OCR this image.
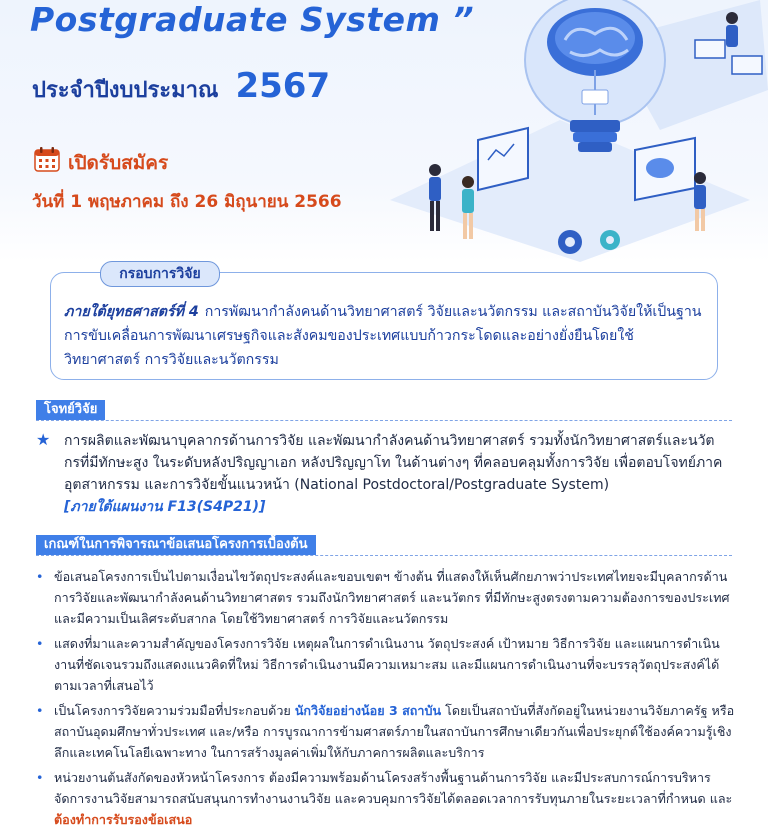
Postgraduate System ”
ประจำปีงบประมาณ 2567
เปิดรับสมัคร
วันที่ 1 พฤษภาคม ถึง 26 มิถุนายน 2566
กรอบการวิจัย
ภายใต้ยุทธศาสตร์ที่ 4 การพัฒนากำลังคนด้านวิทยาศาสตร์ วิจัยและนวัตกรรม และสถาบันวิจัยให้เป็นฐานการขับเคลื่อนการพัฒนาเศรษฐกิจและสังคมของประเทศแบบก้าวกระโดดและอย่างยั่งยืนโดยใช้วิทยาศาสตร์ การวิจัยและนวัตกรรม
โจทย์วิจัย
★ การผลิตและพัฒนาบุคลากรด้านการวิจัย และพัฒนากำลังคนด้านวิทยาศาสตร์ รวมทั้งนักวิทยาศาสตร์และนวัตกรที่มีทักษะสูง ในระดับหลังปริญญาเอก หลังปริญญาโท ในด้านต่างๆ ที่คลอบคลุมทั้งการวิจัย เพื่อตอบโจทย์ภาคอุตสาหกรรม และการวิจัยขั้นแนวหน้า (National Postdoctoral/Postgraduate System)
[ภายใต้แผนงาน F13(S4P21)]
เกณฑ์ในการพิจารณาข้อเสนอโครงการเบื้องต้น
• ข้อเสนอโครงการเป็นไปตามเงื่อนไขวัตถุประสงค์และขอบเขตฯ ข้างต้น ที่แสดงให้เห็นศักยภาพว่าประเทศไทยจะมีบุคลากรด้านการวิจัยและพัฒนากำลังคนด้านวิทยาศาสตร รวมถึงนักวิทยาศาสตร์ และนวัตกร ที่มีทักษะสูงตรงตามความต้องการของประเทศและมีความเป็นเลิศระดับสากล โดยใช้วิทยาศาสตร์ การวิจัยและนวัตกรรม
• แสดงที่มาและความสำคัญของโครงการวิจัย เหตุผลในการดำเนินงาน วัตถุประสงค์ เป้าหมาย วิธีการวิจัย และแผนการดำเนินงานที่ชัดเจนรวมถึงแสดงแนวคิดที่ใหม่ วิธีการดำเนินงานมีความเหมาะสม และมีแผนการดำเนินงานที่จะบรรลุวัตถุประสงค์ได้ตามเวลาที่เสนอไว้
• เป็นโครงการวิจัยความร่วมมือที่ประกอบด้วย นักวิจัยอย่างน้อย 3 สถาบัน โดยเป็นสถาบันที่สังกัดอยู่ในหน่วยงานวิจัยภาครัฐ หรือสถาบันอุดมศึกษาทั่วประเทศ และ/หรือ การบูรณาการข้ามศาสตร์ภายในสถาบันการศึกษาเดียวกันเพื่อประยุกต์ใช้องค์ความรู้เชิงลึกและเทคโนโลยีเฉพาะทาง ในการสร้างมูลค่าเพิ่มให้กับภาคการผลิตและบริการ
• หน่วยงานต้นสังกัดของหัวหน้าโครงการ ต้องมีความพร้อมด้านโครงสร้างพื้นฐานด้านการวิจัย และมีประสบการณ์การบริหารจัดการงานวิจัยสามารถสนับสนุนการทำงานงานวิจัย และควบคุมการวิจัยได้ตลอดเวลาการรับทุนภายในระยะเวลาที่กำหนด และต้องทำการรับรองข้อเสนอ
